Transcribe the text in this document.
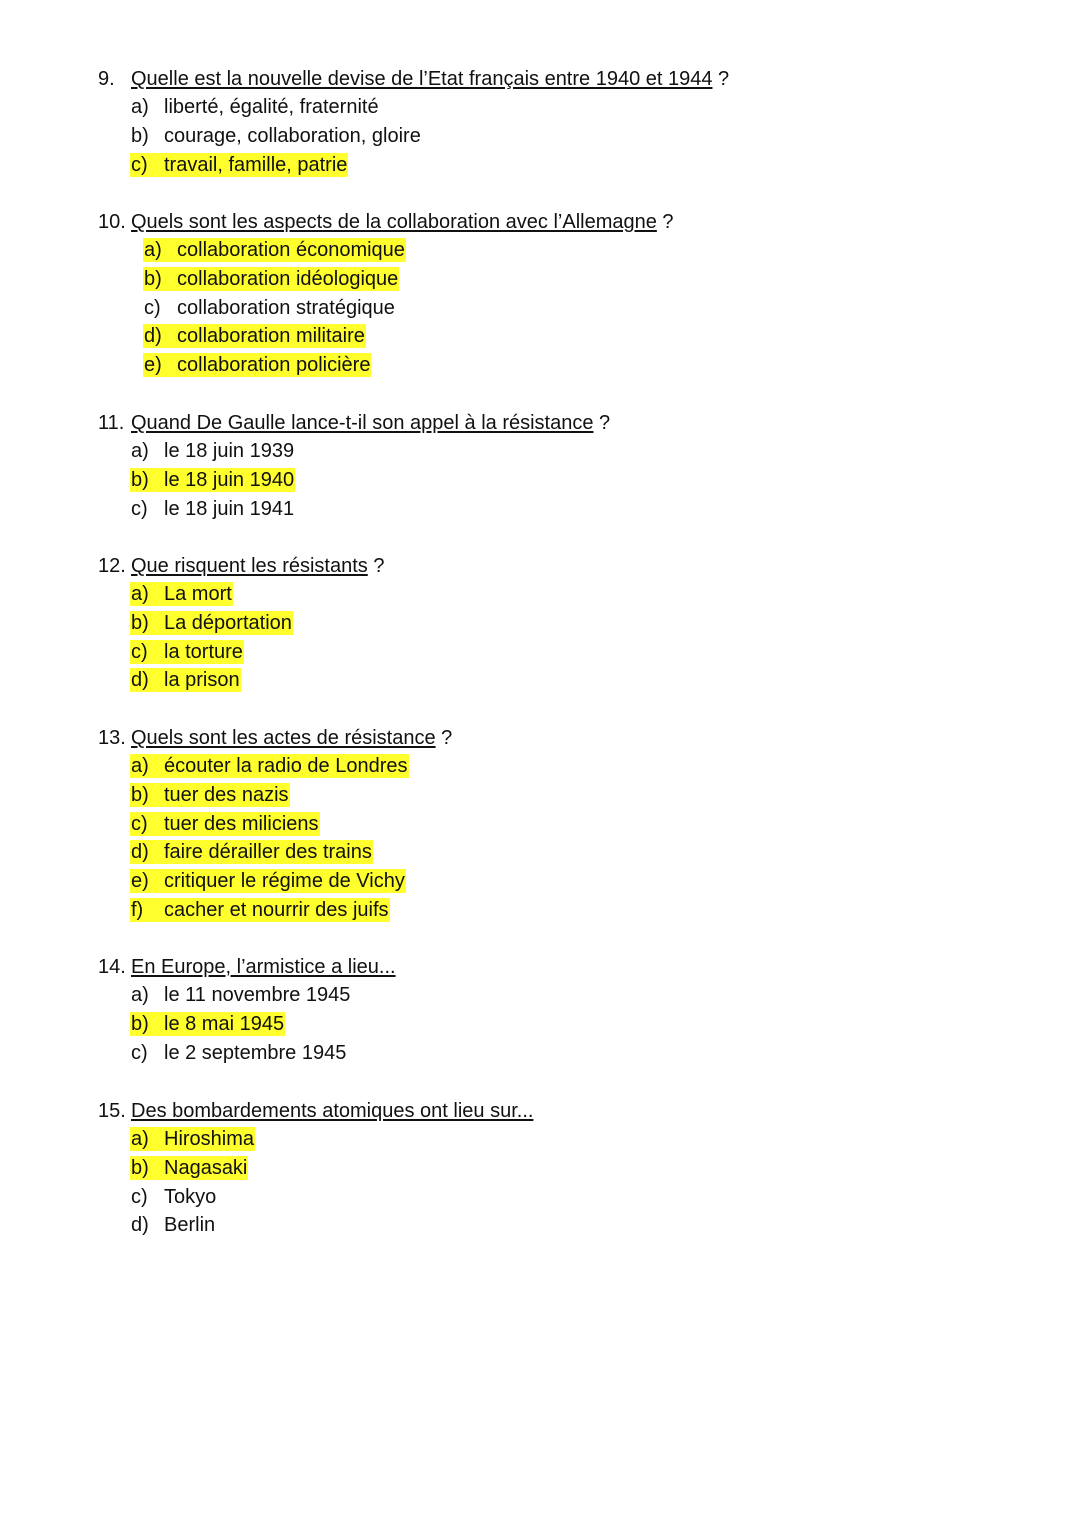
9. Quelle est la nouvelle devise de l’Etat français entre 1940 et 1944 ?
a) liberté, égalité, fraternité
b) courage, collaboration, gloire
c) travail, famille, patrie
10. Quels sont les aspects de la collaboration avec l’Allemagne ?
a) collaboration économique
b) collaboration idéologique
c) collaboration stratégique
d) collaboration militaire
e) collaboration policière
11. Quand De Gaulle lance-t-il son appel à la résistance ?
a) le 18 juin 1939
b) le 18 juin 1940
c) le 18 juin 1941
12. Que risquent les résistants ?
a) La mort
b) La déportation
c) la torture
d) la prison
13. Quels sont les actes de résistance ?
a) écouter la radio de Londres
b) tuer des nazis
c) tuer des miliciens
d) faire dérailler des trains
e) critiquer le régime de Vichy
f) cacher et nourrir des juifs
14. En Europe, l’armistice a lieu...
a) le 11 novembre 1945
b) le 8 mai 1945
c) le 2 septembre 1945
15. Des bombardements atomiques ont lieu sur...
a) Hiroshima
b) Nagasaki
c) Tokyo
d) Berlin
